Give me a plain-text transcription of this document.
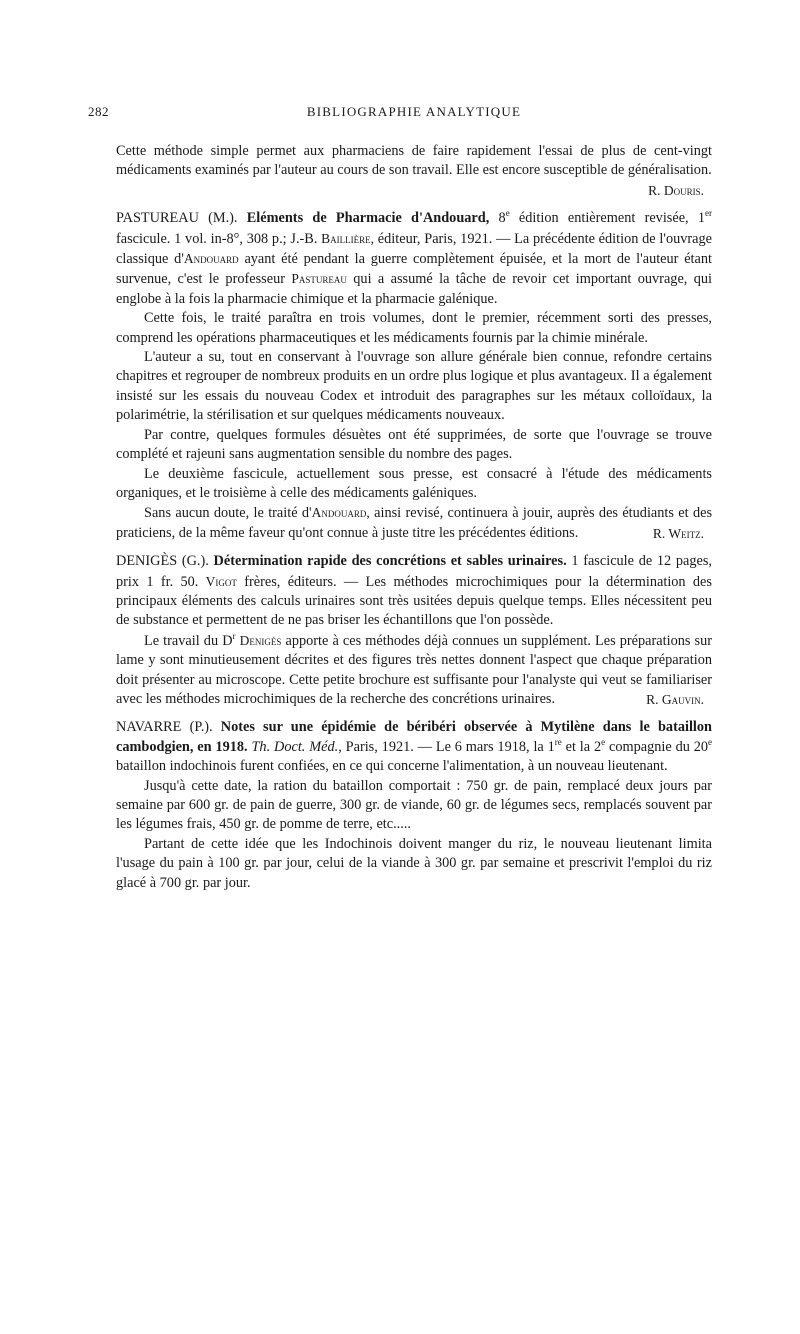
282	BIBLIOGRAPHIE ANALYTIQUE

Cette méthode simple permet aux pharmaciens de faire rapidement l'essai de plus de cent-vingt médicaments examinés par l'auteur au cours de son travail. Elle est encore susceptible de généralisation.
R. Douris.

PASTUREAU (M.). Eléments de Pharmacie d'Andouard, 8e édition entièrement revisée, 1er fascicule. 1 vol. in-8°, 308 p.; J.-B. Baillière, éditeur, Paris, 1921. — La précédente édition de l'ouvrage classique d'Andouard ayant été pendant la guerre complètement épuisée, et la mort de l'auteur étant survenue, c'est le professeur Pastureau qui a assumé la tâche de revoir cet important ouvrage, qui englobe à la fois la pharmacie chimique et la pharmacie galénique.

Cette fois, le traité paraîtra en trois volumes, dont le premier, récemment sorti des presses, comprend les opérations pharmaceutiques et les médicaments fournis par la chimie minérale.

L'auteur a su, tout en conservant à l'ouvrage son allure générale bien connue, refondre certains chapitres et regrouper de nombreux produits en un ordre plus logique et plus avantageux. Il a également insisté sur les essais du nouveau Codex et introduit des paragraphes sur les métaux colloïdaux, la polarimétrie, la stérilisation et sur quelques médicaments nouveaux.

Par contre, quelques formules désuètes ont été supprimées, de sorte que l'ouvrage se trouve complété et rajeuni sans augmentation sensible du nombre des pages.

Le deuxième fascicule, actuellement sous presse, est consacré à l'étude des médicaments organiques, et le troisième à celle des médicaments galéniques.

Sans aucun doute, le traité d'Andouard, ainsi revisé, continuera à jouir, auprès des étudiants et des praticiens, de la même faveur qu'ont connue à juste titre les précédentes éditions.	R. Weitz.

DENIGÈS (G.). Détermination rapide des concrétions et sables urinaires. 1 fascicule de 12 pages, prix 1 fr. 50. Vigot frères, éditeurs. — Les méthodes microchimiques pour la détermination des principaux éléments des calculs urinaires sont très usitées depuis quelque temps. Elles nécessitent peu de substance et permettent de ne pas briser les échantillons que l'on possède.

Le travail du $D^r$ Denigès apporte à ces méthodes déjà connues un supplément. Les préparations sur lame y sont minutieusement décrites et des figures très nettes donnent l'aspect que chaque préparation doit présenter au microscope. Cette petite brochure est suffisante pour l'analyste qui veut se familiariser avec les méthodes microchimiques de la recherche des concrétions urinaires.	R. Gauvin.

NAVARRE (P.). Notes sur une épidémie de béribéri observée à Mytilène dans le bataillon cambodgien, en 1918. Th. Doct. Méd., Paris, 1921. — Le 6 mars 1918, la 1re et la 2e compagnie du 20e bataillon indochinois furent confiées, en ce qui concerne l'alimentation, à un nouveau lieutenant.

Jusqu'à cette date, la ration du bataillon comportait : 750 gr. de pain, remplacé deux jours par semaine par 600 gr. de pain de guerre, 300 gr. de viande, 60 gr. de légumes secs, remplacés souvent par les légumes frais, 450 gr. de pomme de terre, etc.....

Partant de cette idée que les Indochinois doivent manger du riz, le nouveau lieutenant limita l'usage du pain à 100 gr. par jour, celui de la viande à 300 gr. par semaine et prescrivit l'emploi du riz glacé à 700 gr. par jour.
